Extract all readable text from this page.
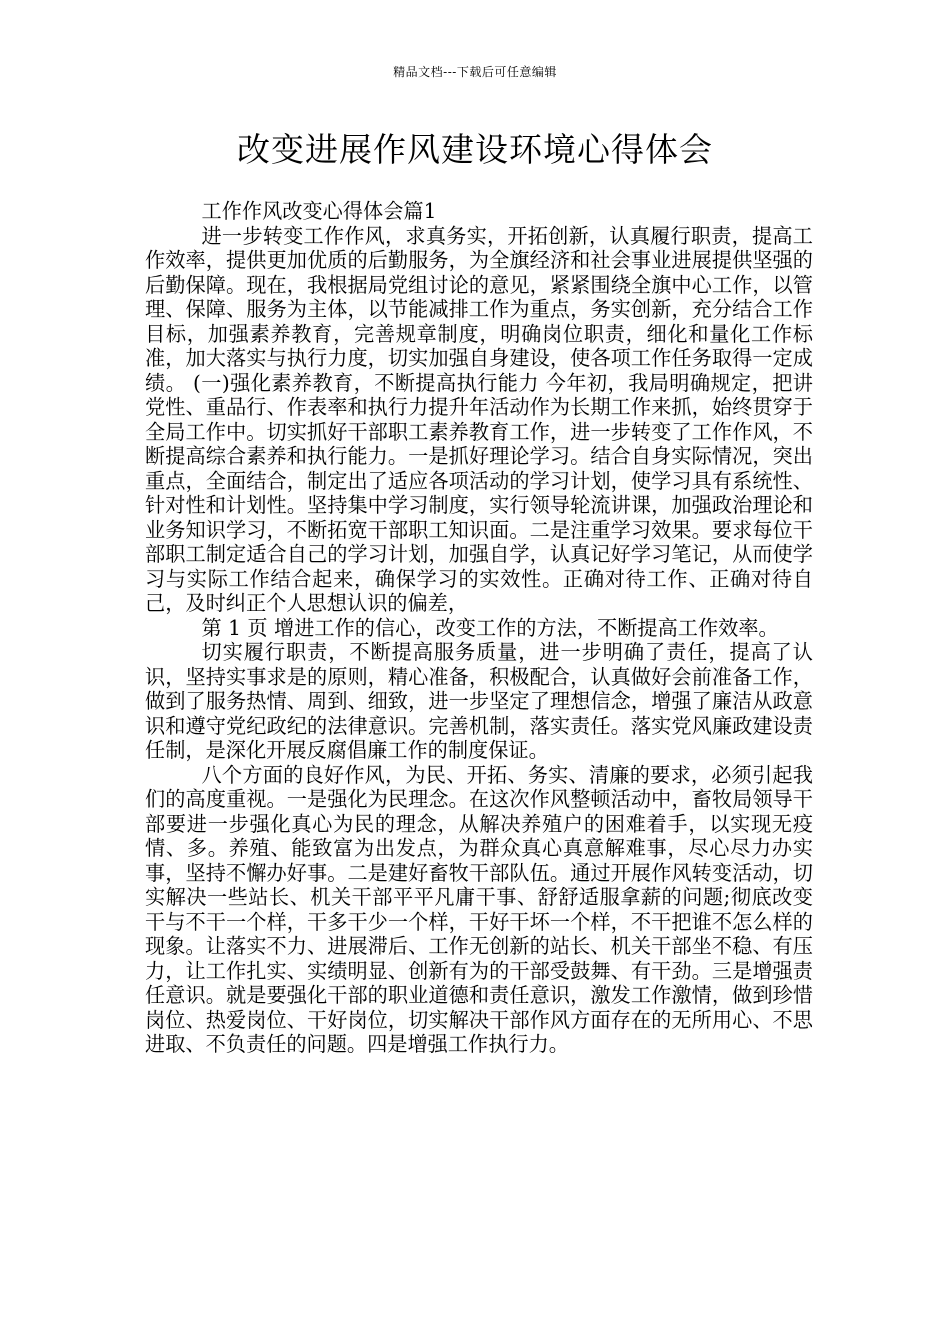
精品文档---下载后可任意编辑
改变进展作风建设环境心得体会

工作作风改变心得体会篇1

进一步转变工作作风，求真务实，开拓创新，认真履行职责，提高工作效率，提供更加优质的后勤服务，为全旗经济和社会事业进展提供坚强的后勤保障。现在，我根据局党组讨论的意见，紧紧围绕全旗中心工作，以管理、保障、服务为主体，以节能减排工作为重点，务实创新，充分结合工作目标，加强素养教育，完善规章制度，明确岗位职责，细化和量化工作标准，加大落实与执行力度，切实加强自身建设，使各项工作任务取得一定成绩。 (一)强化素养教育，不断提高执行能力 今年初，我局明确规定，把讲党性、重品行、作表率和执行力提升年活动作为长期工作来抓，始终贯穿于全局工作中。切实抓好干部职工素养教育工作，进一步转变了工作作风，不断提高综合素养和执行能力。一是抓好理论学习。结合自身实际情况，突出重点，全面结合，制定出了适应各项活动的学习计划，使学习具有系统性、针对性和计划性。坚持集中学习制度，实行领导轮流讲课，加强政治理论和业务知识学习，不断拓宽干部职工知识面。二是注重学习效果。要求每位干部职工制定适合自己的学习计划，加强自学，认真记好学习笔记，从而使学习与实际工作结合起来，确保学习的实效性。正确对待工作、正确对待自己，及时纠正个人思想认识的偏差，

第 1 页 增进工作的信心，改变工作的方法，不断提高工作效率。

切实履行职责，不断提高服务质量，进一步明确了责任，提高了认识，坚持实事求是的原则，精心准备，积极配合，认真做好会前准备工作，做到了服务热情、周到、细致，进一步坚定了理想信念，增强了廉洁从政意识和遵守党纪政纪的法律意识。完善机制，落实责任。落实党风廉政建设责任制，是深化开展反腐倡廉工作的制度保证。

八个方面的良好作风，为民、开拓、务实、清廉的要求，必须引起我们的高度重视。一是强化为民理念。在这次作风整顿活动中，畜牧局领导干部要进一步强化真心为民的理念，从解决养殖户的困难着手，以实现无疫情、多。养殖、能致富为出发点，为群众真心真意解难事，尽心尽力办实事，坚持不懈办好事。二是建好畜牧干部队伍。通过开展作风转变活动，切实解决一些站长、机关干部平平凡庸干事、舒舒适服拿薪的问题;彻底改变干与不干一个样，干多干少一个样，干好干坏一个样，不干把谁不怎么样的现象。让落实不力、进展滞后、工作无创新的站长、机关干部坐不稳、有压力，让工作扎实、实绩明显、创新有为的干部受鼓舞、有干劲。三是增强责任意识。就是要强化干部的职业道德和责任意识，激发工作激情，做到珍惜岗位、热爱岗位、干好岗位，切实解决干部作风方面存在的无所用心、不思进取、不负责任的问题。四是增强工作执行力。
